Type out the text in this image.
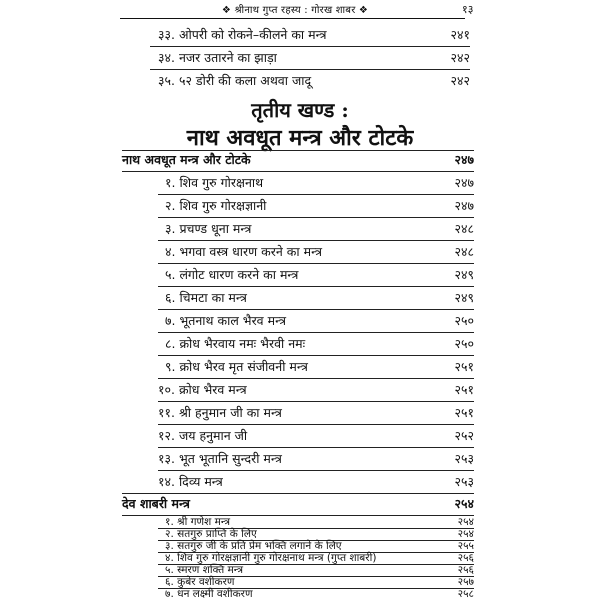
❖ श्रीनाथ गुप्त रहस्य : गोरख शाबर ❖	१३
३३. ओपरी को रोकने–कीलने का मन्त्र	२४१
३४. नजर उतारने का झाड़ा	२४२
३५. ५२ डोरी की कला अथवा जादू	२४२
तृतीय खण्ड :
नाथ अवधूत मन्त्र और टोटके
नाथ अवधूत मन्त्र और टोटके	२४७
१. शिव गुरु गोरक्षनाथ	२४७
२. शिव गुरु गोरक्षज्ञानी	२४७
३. प्रचण्ड धूना मन्त्र	२४८
४. भगवा वस्त्र धारण करने का मन्त्र	२४८
५. लंगोट धारण करने का मन्त्र	२४९
६. चिमटा का मन्त्र	२४९
७. भूतनाथ काल भैरव मन्त्र	२५०
८. क्रोध भैरवाय नमः भैरवी नमः	२५०
९. क्रोध भैरव मृत संजीवनी मन्त्र	२५१
१०. क्रोध भैरव मन्त्र	२५१
११. श्री हनुमान जी का मन्त्र	२५१
१२. जय हनुमान जी	२५२
१३. भूत भूतानि सुन्दरी मन्त्र	२५३
१४. दिव्य मन्त्र	२५३
देव शाबरी मन्त्र	२५४
१. श्री गणेश मन्त्र	२५४
२. सतगुरु प्राप्ति के लिए	२५४
३. सतगुरु जी के प्रति प्रेम भक्ति लगाने के लिए	२५५
४. शिव गुरु गोरक्षज्ञानी गुरु गोरक्षनाथ मन्त्र (गुप्त शाबरी)	२५६
५. स्मरण शक्ति मन्त्र	२५६
६. कुबेर वशीकरण	२५७
७. धन लक्ष्मी वशीकरण	२५८
